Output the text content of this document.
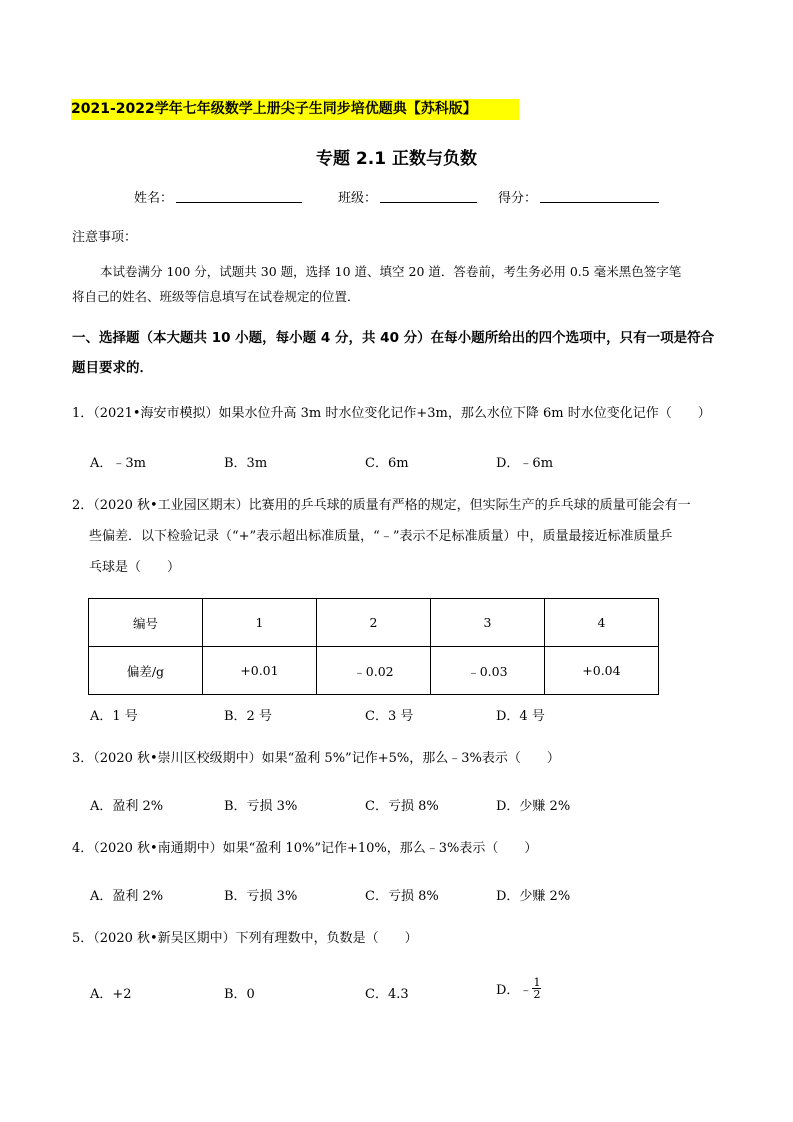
2021-2022学年七年级数学上册尖子生同步培优题典【苏科版】
专题 2.1 正数与负数
姓名：	班级：	得分：
注意事项：
本试卷满分 100 分，试题共 30 题，选择 10 道、填空 20 道．答卷前，考生务必用 0.5 毫米黑色签字笔
将自己的姓名、班级等信息填写在试卷规定的位置．
一、选择题（本大题共 10 小题，每小题 4 分，共 40 分）在每小题所给出的四个选项中，只有一项是符合
题目要求的．
1．（2021•海安市模拟）如果水位升高 3m 时水位变化记作+3m，那么水位下降 6m 时水位变化记作（　　）
A．﹣3m	B．3m	C．6m	D．﹣6m
2．（2020 秋•工业园区期末）比赛用的乒乓球的质量有严格的规定，但实际生产的乒乓球的质量可能会有一
些偏差．以下检验记录（“+”表示超出标准质量，“﹣”表示不足标准质量）中，质量最接近标准质量乒
乓球是（　　）
编号	1	2	3	4
偏差/g	+0.01	﹣0.02	﹣0.03	+0.04
A．1 号	B．2 号	C．3 号	D．4 号
3．（2020 秋•崇川区校级期中）如果“盈利 5%”记作+5%，那么﹣3%表示（　　）
A．盈利 2%	B．亏损 3%	C．亏损 8%	D．少赚 2%
4．（2020 秋•南通期中）如果“盈利 10%”记作+10%，那么﹣3%表示（　　）
A．盈利 2%	B．亏损 3%	C．亏损 8%	D．少赚 2%
5．（2020 秋•新吴区期中）下列有理数中，负数是（　　）
A．+2	B．0	C．4.3	D．﹣ $\frac{1}{2}$
